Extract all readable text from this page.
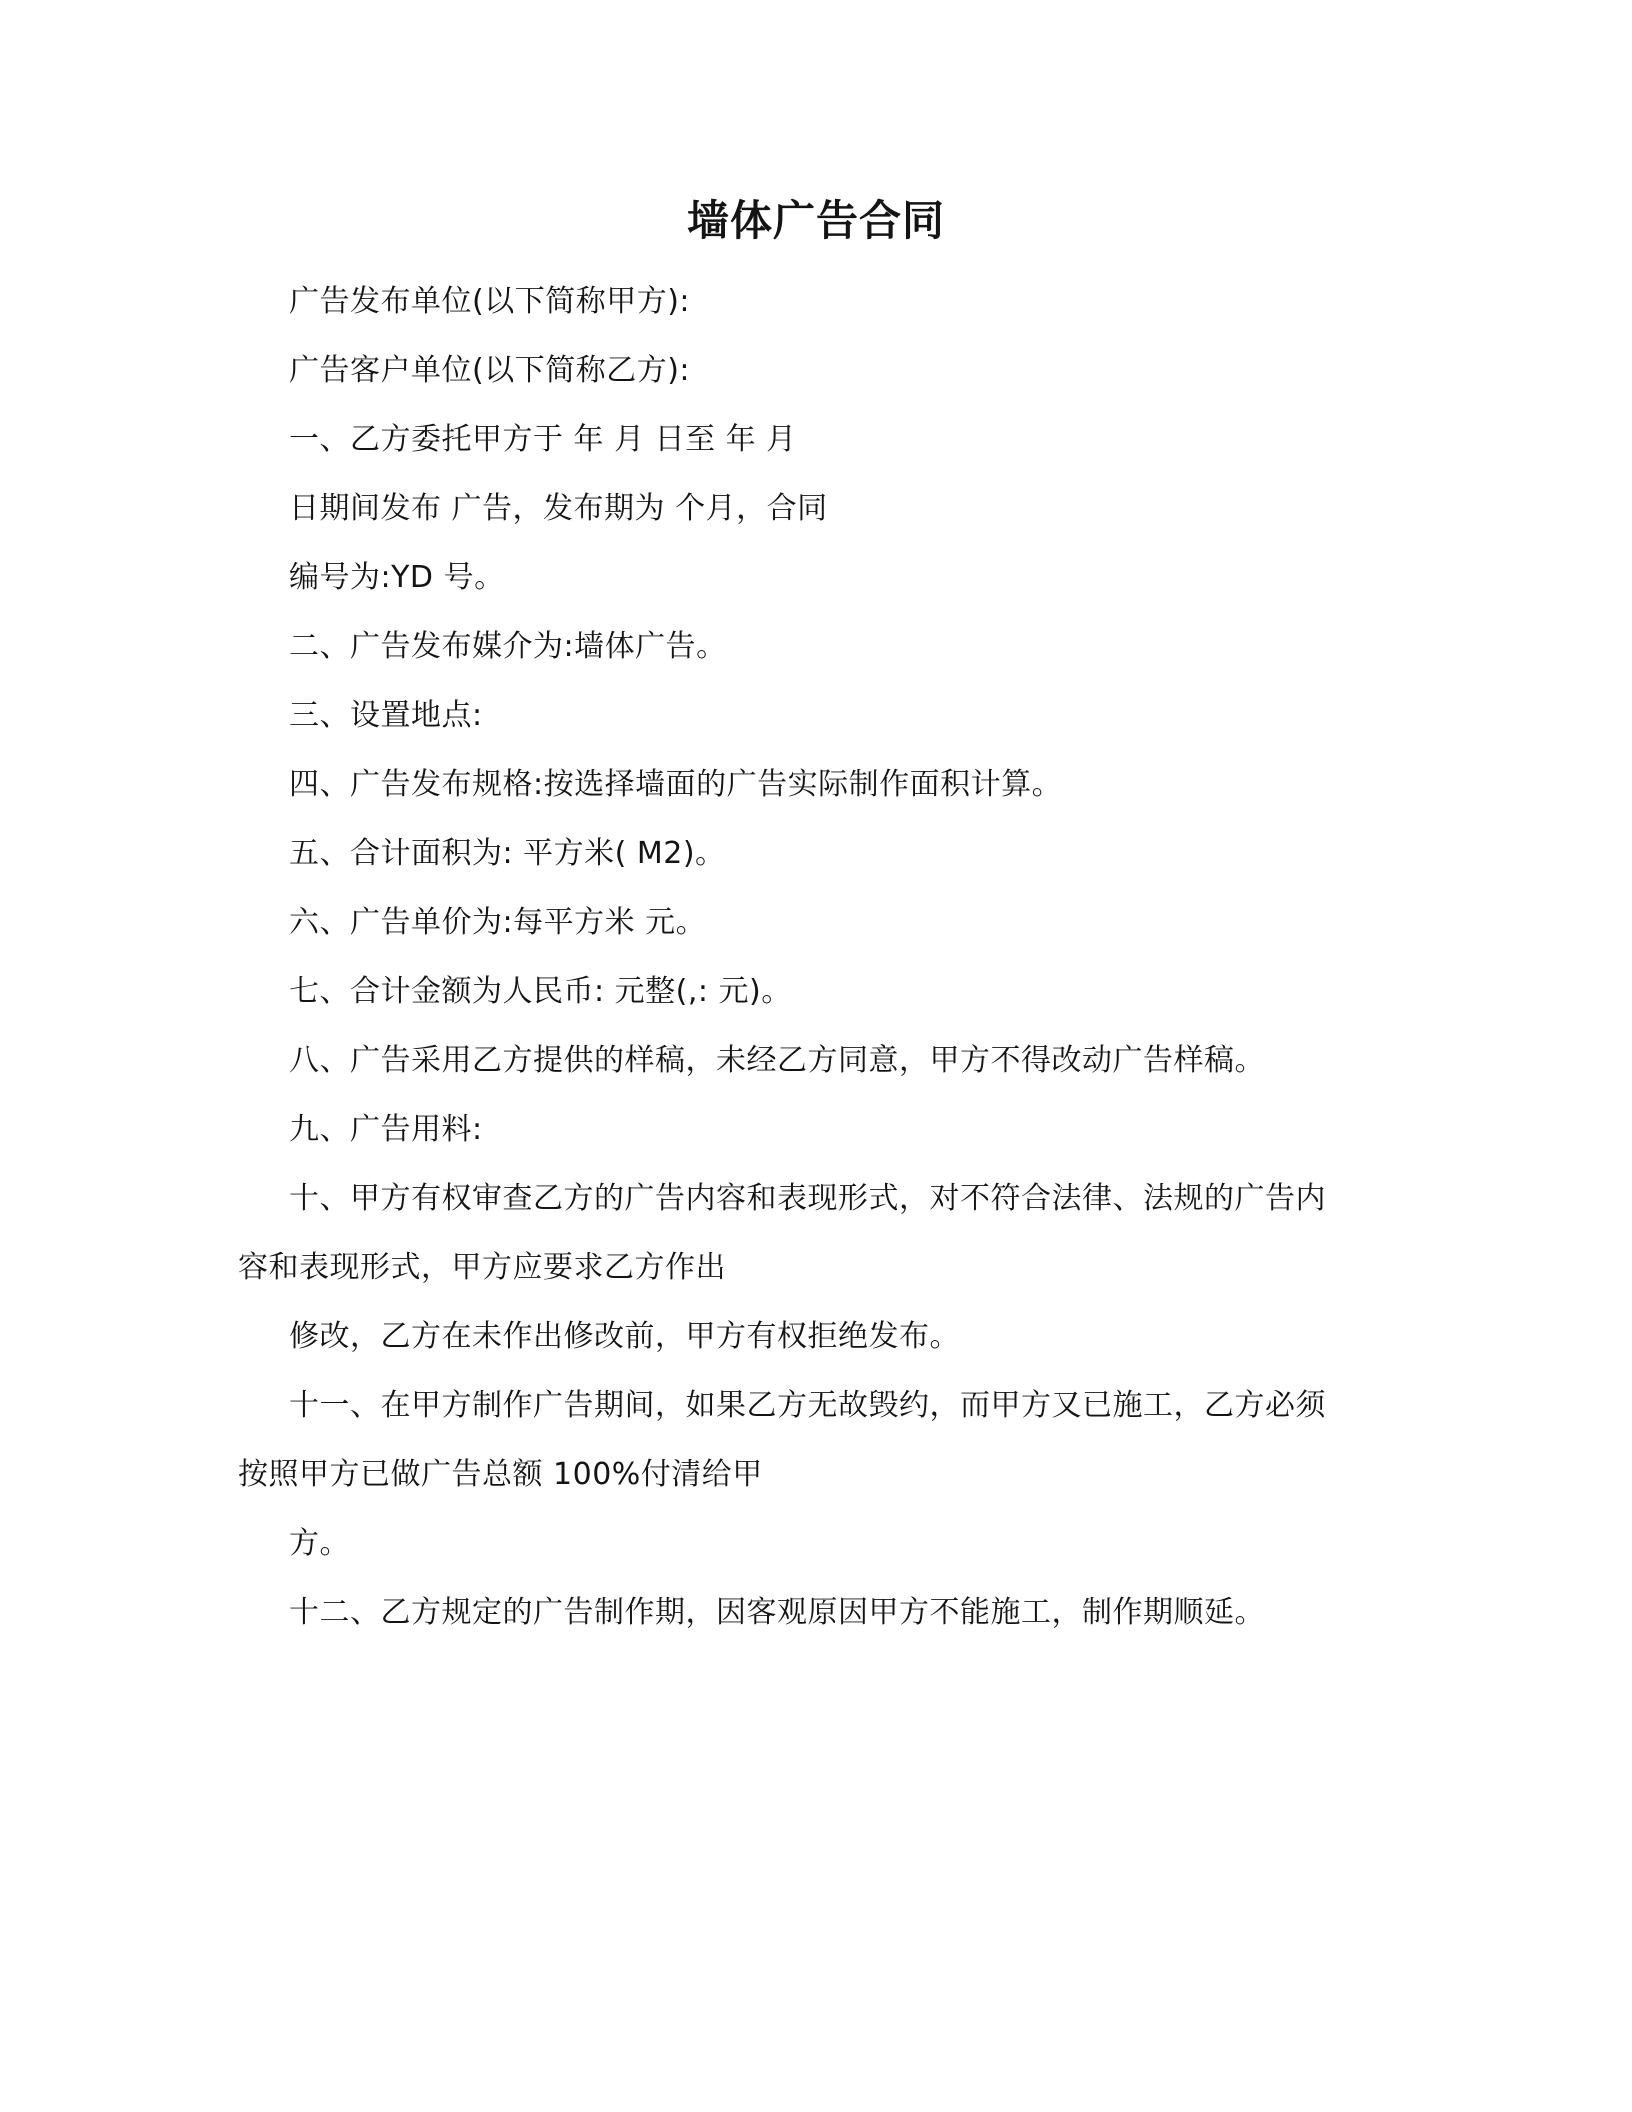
墙体广告合同
广告发布单位(以下简称甲方):
广告客户单位(以下简称乙方):
一、乙方委托甲方于 年 月 日至 年 月
日期间发布 广告，发布期为 个月，合同
编号为:YD 号。
二、广告发布媒介为:墙体广告。
三、设置地点:
四、广告发布规格:按选择墙面的广告实际制作面积计算。
五、合计面积为: 平方米( M2)。
六、广告单价为:每平方米 元。
七、合计金额为人民币: 元整(,: 元)。
八、广告采用乙方提供的样稿，未经乙方同意，甲方不得改动广告样稿。
九、广告用料:
十、甲方有权审查乙方的广告内容和表现形式，对不符合法律、法规的广告内
容和表现形式，甲方应要求乙方作出
修改，乙方在未作出修改前，甲方有权拒绝发布。
十一、在甲方制作广告期间，如果乙方无故毁约，而甲方又已施工，乙方必须
按照甲方已做广告总额 100%付清给甲
方。
十二、乙方规定的广告制作期，因客观原因甲方不能施工，制作期顺延。
